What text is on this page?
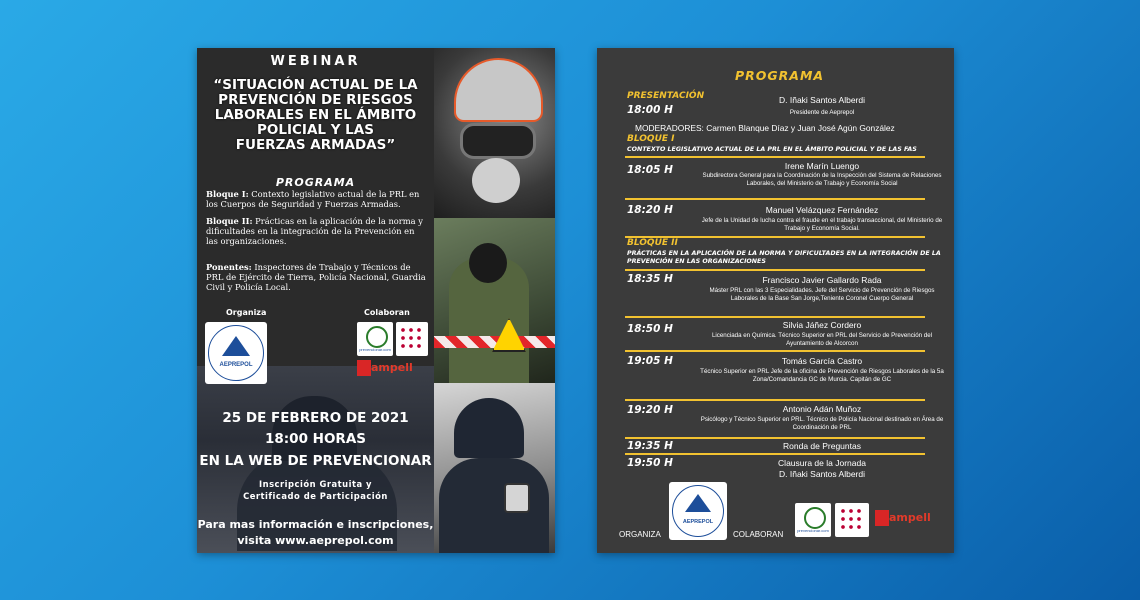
WEBINAR
“SITUACIÓN ACTUAL DE LA
PREVENCIÓN DE RIESGOS
LABORALES EN EL ÁMBITO
POLICIAL Y LAS
FUERZAS ARMADAS”
PROGRAMA
Bloque I: Contexto legislativo actual de la PRL en los Cuerpos de Seguridad y Fuerzas Armadas.
Bloque II: Prácticas en la aplicación de la norma y dificultades en la integración de la Prevención en las organizaciones.
Ponentes: Inspectores de Trabajo y Técnicos de PRL de Ejército de Tierra, Policía Nacional, Guardia Civil y Policía Local.
Organiza	Colaboran
AEPREPOL
prevencionar.com
ampell
25 DE FEBRERO DE 2021
18:00 HORAS
EN LA WEB DE PREVENCIONAR
Inscripción Gratuita y
Certificado de Participación
Para mas información e inscripciones,
visita www.aeprepol.com
PROGRAMA
PRESENTACIÓN
18:00 H
D. Iñaki Santos Alberdi
Presidente de Aeprepol
MODERADORES: Carmen Blanque Díaz y Juan José Agún González
BLOQUE I
CONTEXTO LEGISLATIVO ACTUAL DE LA PRL EN EL ÁMBITO POLICIAL Y DE LAS FAS
18:05 H	Irene Marín Luengo
Subdirectora General para la Coordinación de la Inspección del Sistema de Relaciones Laborales, del Ministerio de Trabajo y Economía Social
18:20 H	Manuel Velázquez Fernández
Jefe de la Unidad de lucha contra el fraude en el trabajo transaccional, del Ministerio de Trabajo y Economía Social.
BLOQUE II
PRÁCTICAS EN LA APLICACIÓN DE LA NORMA Y DIFICULTADES EN LA INTEGRACIÓN DE LA PREVENCIÓN EN LAS ORGANIZACIONES
18:35 H	Francisco Javier Gallardo Rada
Máster PRL con las 3 Especialidades. Jefe del Servicio de Prevención de Riesgos Laborales de la Base San Jorge,Teniente Coronel Cuerpo General
18:50 H	Silvia Jáñez Cordero
Licenciada en Química. Técnico Superior en PRL del Servicio de Prevención del Ayuntamiento de Alcorcon
19:05 H	Tomás García Castro
Técnico Superior en PRL Jefe de la oficina de Prevención de Riesgos Laborales de la 5a Zona/Comandancia GC de Murcia. Capitán de GC
19:20 H	Antonio Adán Muñoz
Psicólogo y Técnico Superior en PRL. Técnico de Policía Nacional destinado en Área de Coordinación de PRL
19:35 H	Ronda de Preguntas
19:50 H	Clausura de la Jornada
D. Iñaki Santos Alberdi
AEPREPOL
ORGANIZA	COLABORAN	prevencionar.com
ampell
